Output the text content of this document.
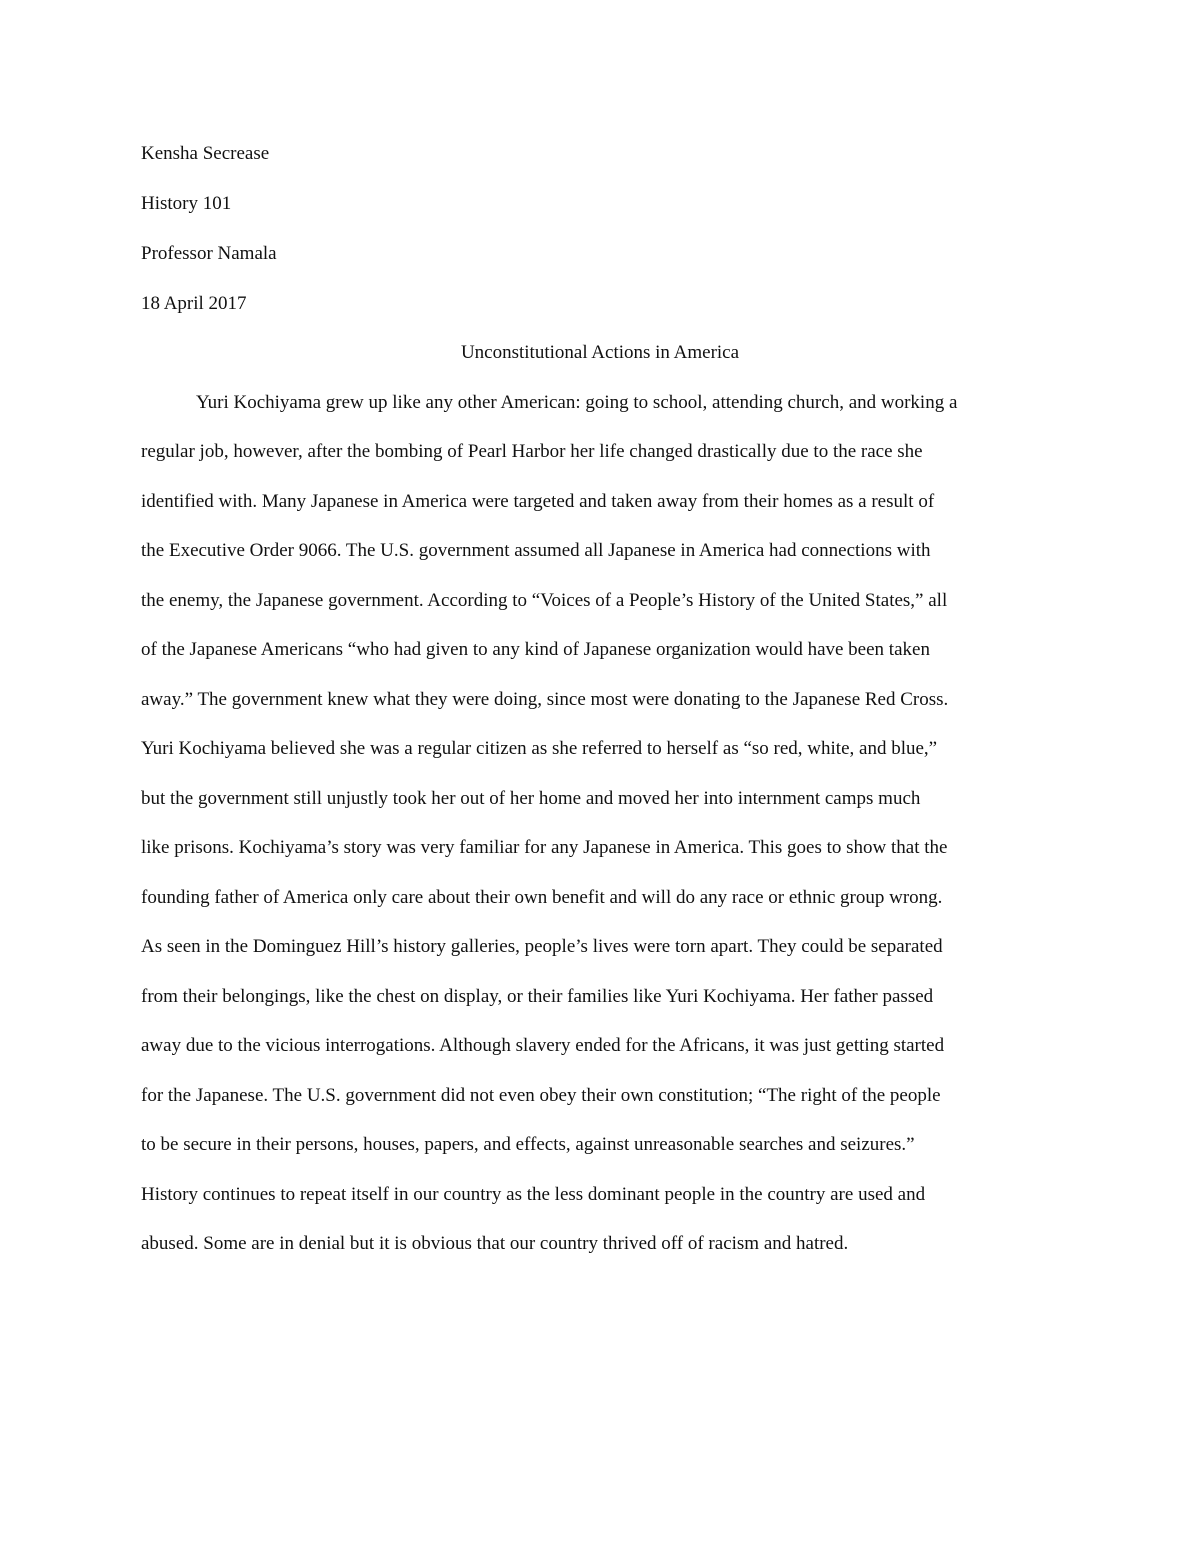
Kensha Secrease

History 101

Professor Namala

18 April 2017

Unconstitutional Actions in America

Yuri Kochiyama grew up like any other American: going to school, attending church, and working a

regular job, however, after the bombing of Pearl Harbor her life changed drastically due to the race she

identified with. Many Japanese in America were targeted and taken away from their homes as a result of

the Executive Order 9066. The U.S. government assumed all Japanese in America had connections with

the enemy, the Japanese government. According to “Voices of a People’s History of the United States,” all

of the Japanese Americans “who had given to any kind of Japanese organization would have been taken

away.” The government knew what they were doing, since most were donating to the Japanese Red Cross.

Yuri Kochiyama believed she was a regular citizen as she referred to herself as “so red, white, and blue,”

but the government still unjustly took her out of her home and moved her into internment camps much

like prisons. Kochiyama’s story was very familiar for any Japanese in America. This goes to show that the

founding father of America only care about their own benefit and will do any race or ethnic group wrong.

As seen in the Dominguez Hill’s history galleries, people’s lives were torn apart. They could be separated

from their belongings, like the chest on display, or their families like Yuri Kochiyama. Her father passed

away due to the vicious interrogations. Although slavery ended for the Africans, it was just getting started

for the Japanese. The U.S. government did not even obey their own constitution; “The right of the people

to be secure in their persons, houses, papers, and effects, against unreasonable searches and seizures.”

History continues to repeat itself in our country as the less dominant people in the country are used and

abused. Some are in denial but it is obvious that our country thrived off of racism and hatred.
